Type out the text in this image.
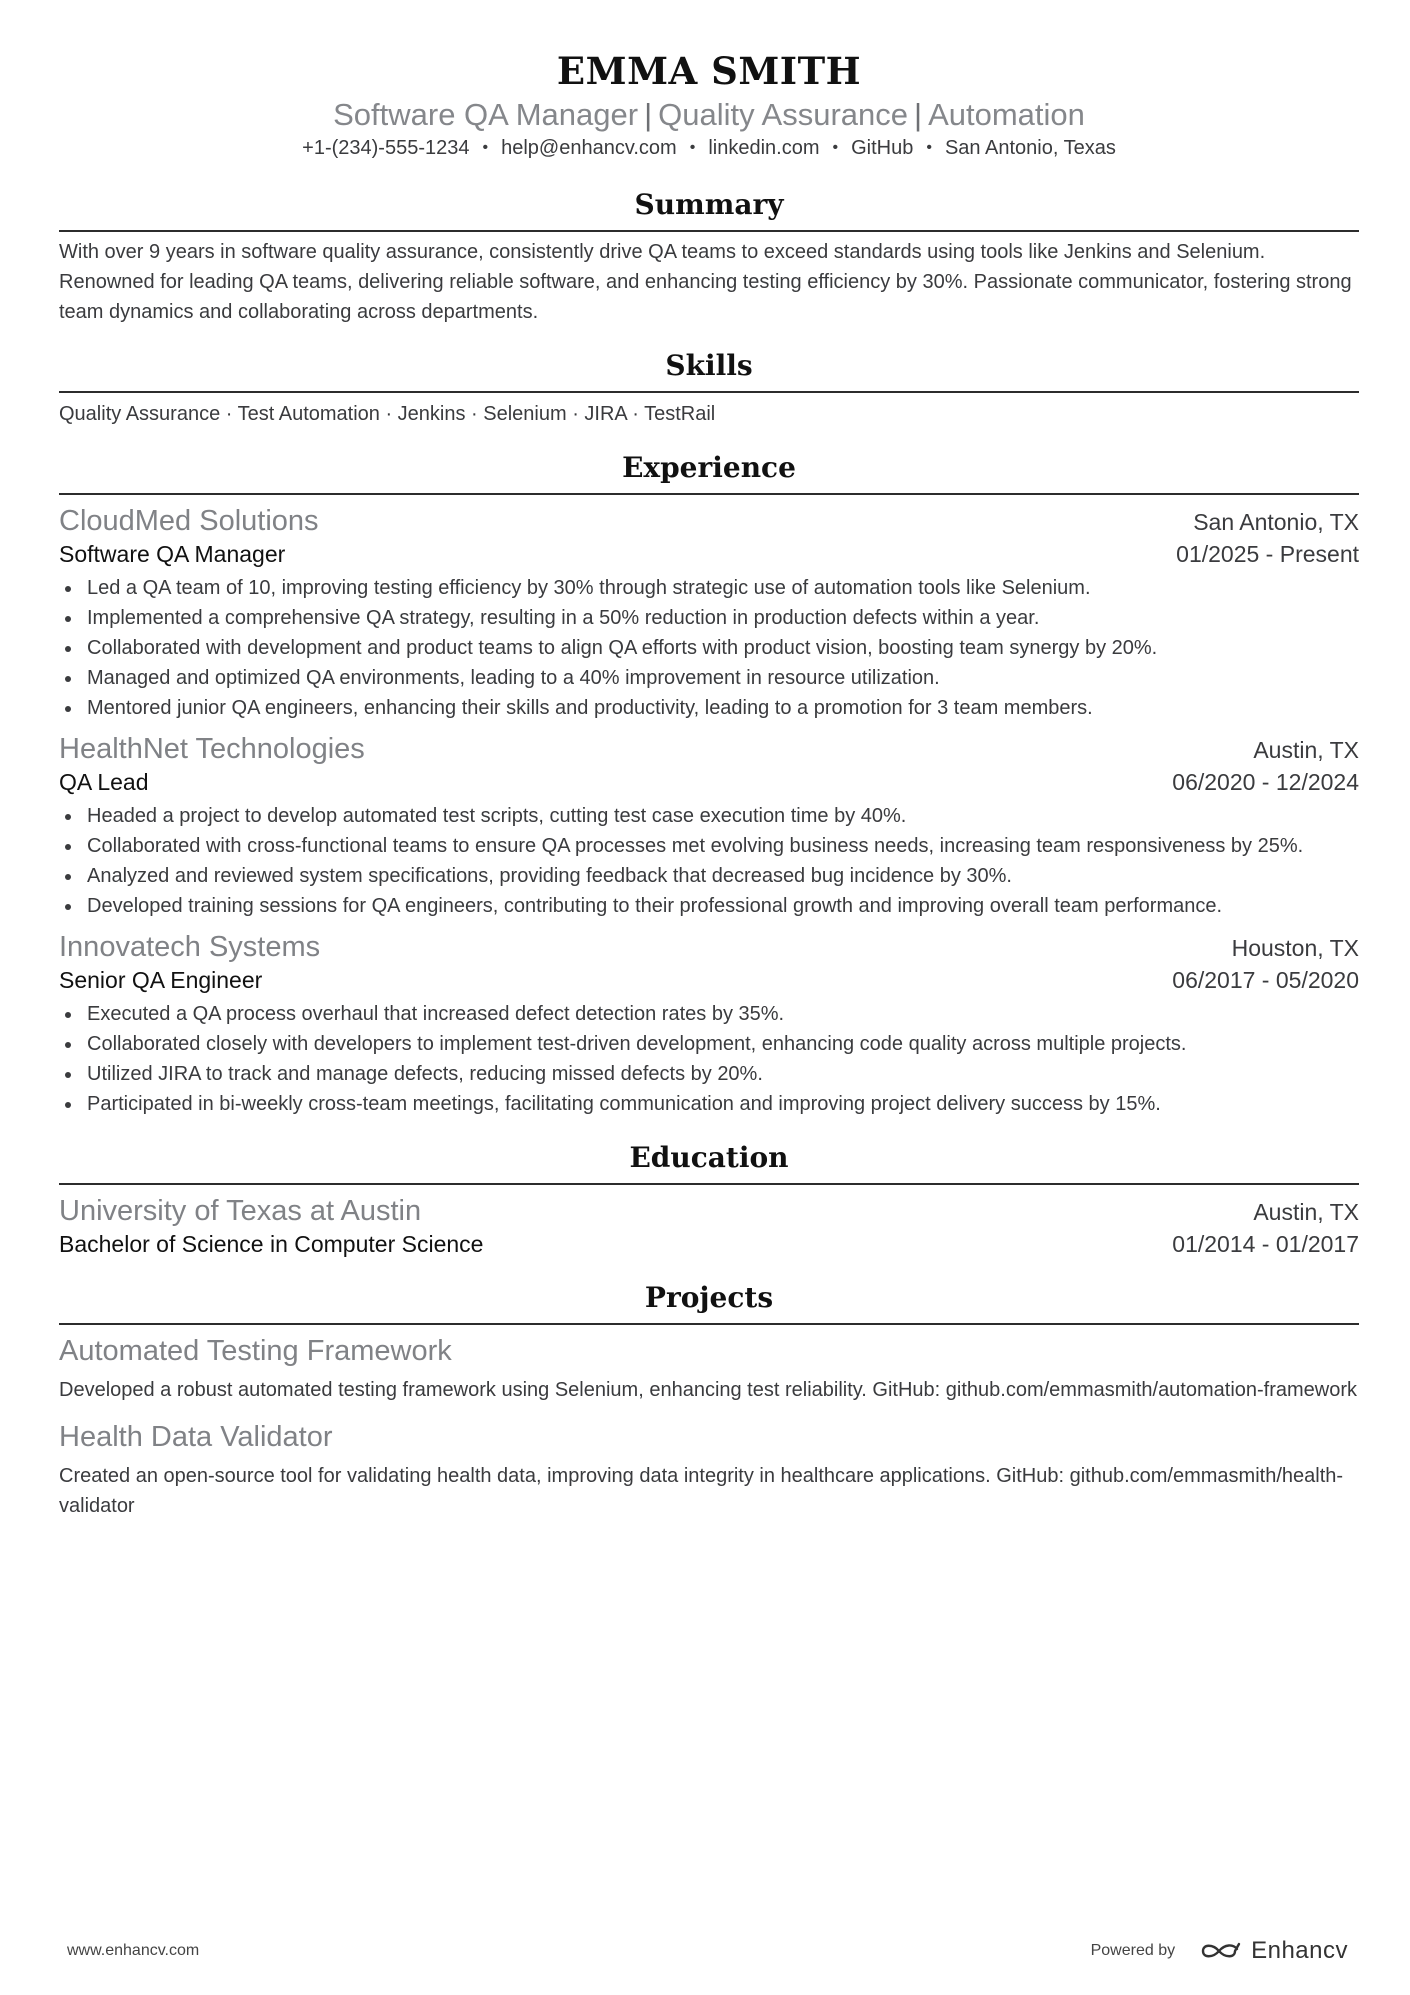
EMMA SMITH
Software QA Manager | Quality Assurance | Automation
+1-(234)-555-1234 • help@enhancv.com • linkedin.com • GitHub • San Antonio, Texas
Summary
With over 9 years in software quality assurance, consistently drive QA teams to exceed standards using tools like Jenkins and Selenium. Renowned for leading QA teams, delivering reliable software, and enhancing testing efficiency by 30%. Passionate communicator, fostering strong team dynamics and collaborating across departments.
Skills
Quality Assurance · Test Automation · Jenkins · Selenium · JIRA · TestRail
Experience
CloudMed Solutions	San Antonio, TX
Software QA Manager	01/2025 - Present
Led a QA team of 10, improving testing efficiency by 30% through strategic use of automation tools like Selenium.
Implemented a comprehensive QA strategy, resulting in a 50% reduction in production defects within a year.
Collaborated with development and product teams to align QA efforts with product vision, boosting team synergy by 20%.
Managed and optimized QA environments, leading to a 40% improvement in resource utilization.
Mentored junior QA engineers, enhancing their skills and productivity, leading to a promotion for 3 team members.
HealthNet Technologies	Austin, TX
QA Lead	06/2020 - 12/2024
Headed a project to develop automated test scripts, cutting test case execution time by 40%.
Collaborated with cross-functional teams to ensure QA processes met evolving business needs, increasing team responsiveness by 25%.
Analyzed and reviewed system specifications, providing feedback that decreased bug incidence by 30%.
Developed training sessions for QA engineers, contributing to their professional growth and improving overall team performance.
Innovatech Systems	Houston, TX
Senior QA Engineer	06/2017 - 05/2020
Executed a QA process overhaul that increased defect detection rates by 35%.
Collaborated closely with developers to implement test-driven development, enhancing code quality across multiple projects.
Utilized JIRA to track and manage defects, reducing missed defects by 20%.
Participated in bi-weekly cross-team meetings, facilitating communication and improving project delivery success by 15%.
Education
University of Texas at Austin	Austin, TX
Bachelor of Science in Computer Science	01/2014 - 01/2017
Projects
Automated Testing Framework
Developed a robust automated testing framework using Selenium, enhancing test reliability. GitHub: github.com/emmasmith/automation-framework
Health Data Validator
Created an open-source tool for validating health data, improving data integrity in healthcare applications. GitHub: github.com/emmasmith/health-validator
www.enhancv.com	Powered by	Enhancv
